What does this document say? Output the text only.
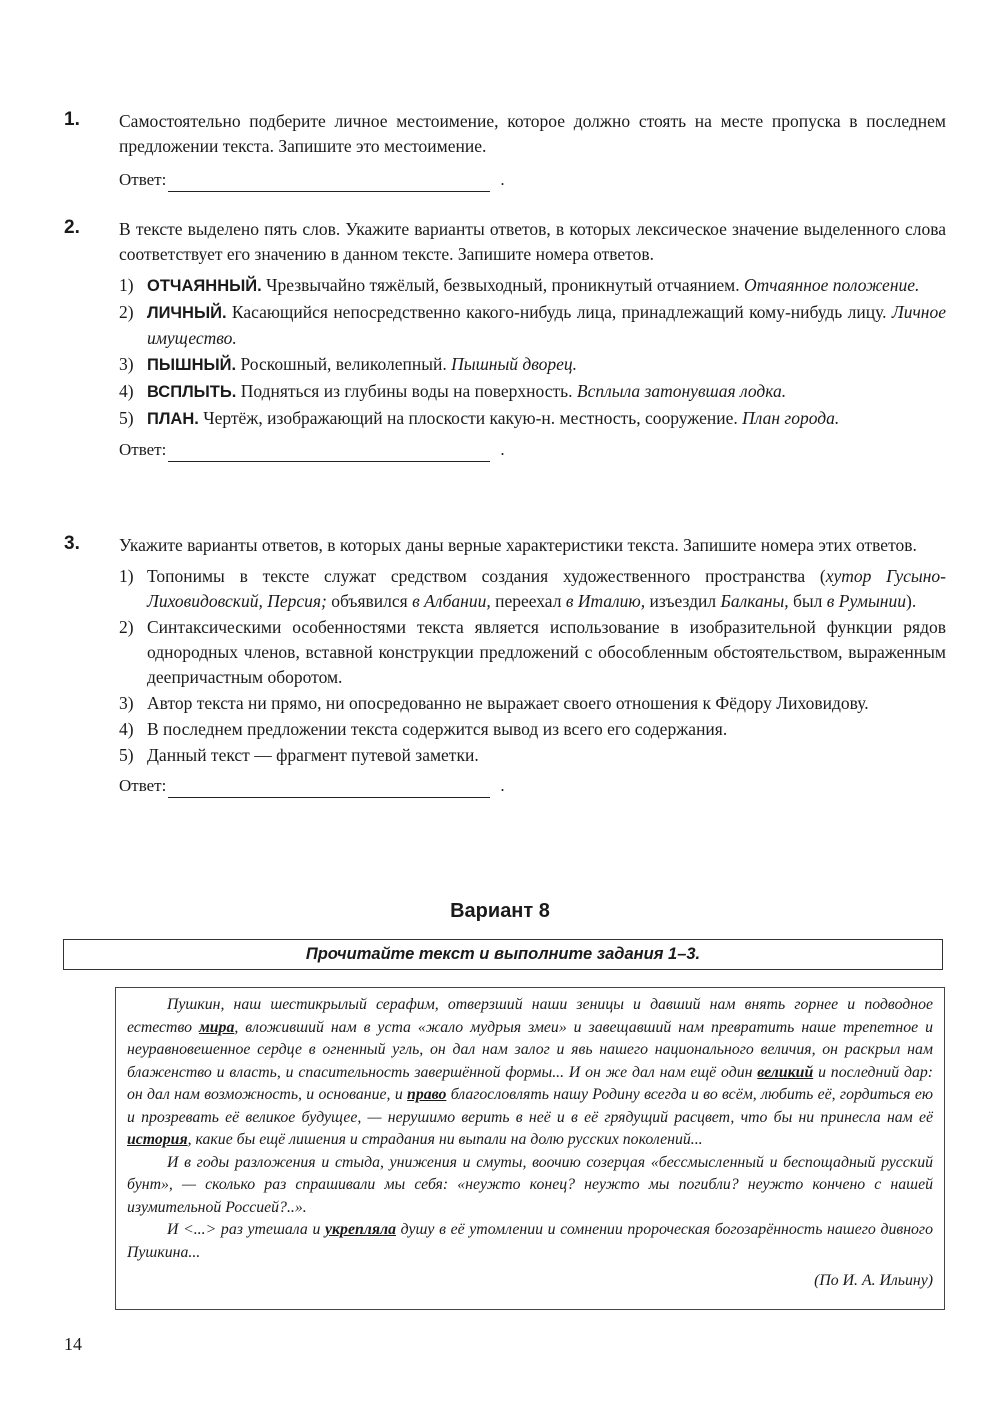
1. Самостоятельно подберите личное местоимение, которое должно стоять на месте пропуска в последнем предложении текста. Запишите это местоимение.
Ответ:	.
2. В тексте выделено пять слов. Укажите варианты ответов, в которых лексическое значение выделенного слова соответствует его значению в данном тексте. Запишите номера ответов.
1) ОТЧАЯННЫЙ. Чрезвычайно тяжёлый, безвыходный, проникнутый отчаянием. Отчаянное положение.
2) ЛИЧНЫЙ. Касающийся непосредственно какого-нибудь лица, принадлежащий кому-нибудь лицу. Личное имущество.
3) ПЫШНЫЙ. Роскошный, великолепный. Пышный дворец.
4) ВСПЛЫТЬ. Подняться из глубины воды на поверхность. Всплыла затонувшая лодка.
5) ПЛАН. Чертёж, изображающий на плоскости какую-н. местность, сооружение. План города.
Ответ:	.
3. Укажите варианты ответов, в которых даны верные характеристики текста. Запишите номера этих ответов.
1) Топонимы в тексте служат средством создания художественного пространства (хутор Гусыно-Лиховидовский, Персия; объявился в Албании, переехал в Италию, изъездил Балканы, был в Румынии).
2) Синтаксическими особенностями текста является использование в изобразительной функции рядов однородных членов, вставной конструкции предложений с обособленным обстоятельством, выраженным деепричастным оборотом.
3) Автор текста ни прямо, ни опосредованно не выражает своего отношения к Фёдору Лиховидову.
4) В последнем предложении текста содержится вывод из всего его содержания.
5) Данный текст — фрагмент путевой заметки.
Ответ:	.
Вариант 8
Прочитайте текст и выполните задания 1–3.

Пушкин, наш шестикрылый серафим, отверзший наши зеницы и давший нам внять горнее и подводное естество мира, вложивший нам в уста «жало мудрыя змеи» и завещавший нам превратить наше трепетное и неуравновешенное сердце в огненный угль, он дал нам залог и явь нашего национального величия, он раскрыл нам блаженство и власть, и спасительность завершённой формы... И он же дал нам ещё один великий и последний дар: он дал нам возможность, и основание, и право благословлять нашу Родину всегда и во всём, любить её, гордиться ею и прозревать её великое будущее, — нерушимо верить в неё и в её грядущий расцвет, что бы ни принесла нам её история, какие бы ещё лишения и страдания ни выпали на долю русских поколений...

И в годы разложения и стыда, унижения и смуты, воочию созерцая «бессмысленный и беспощадный русский бунт», — сколько раз спрашивали мы себя: «неужто конец? неужто мы погибли? неужто кончено с нашей изумительной Россией?..».

И <...> раз утешала и укрепляла душу в её утомлении и сомнении пророческая богозарённость нашего дивного Пушкина...

(По И. А. Ильину)
14
